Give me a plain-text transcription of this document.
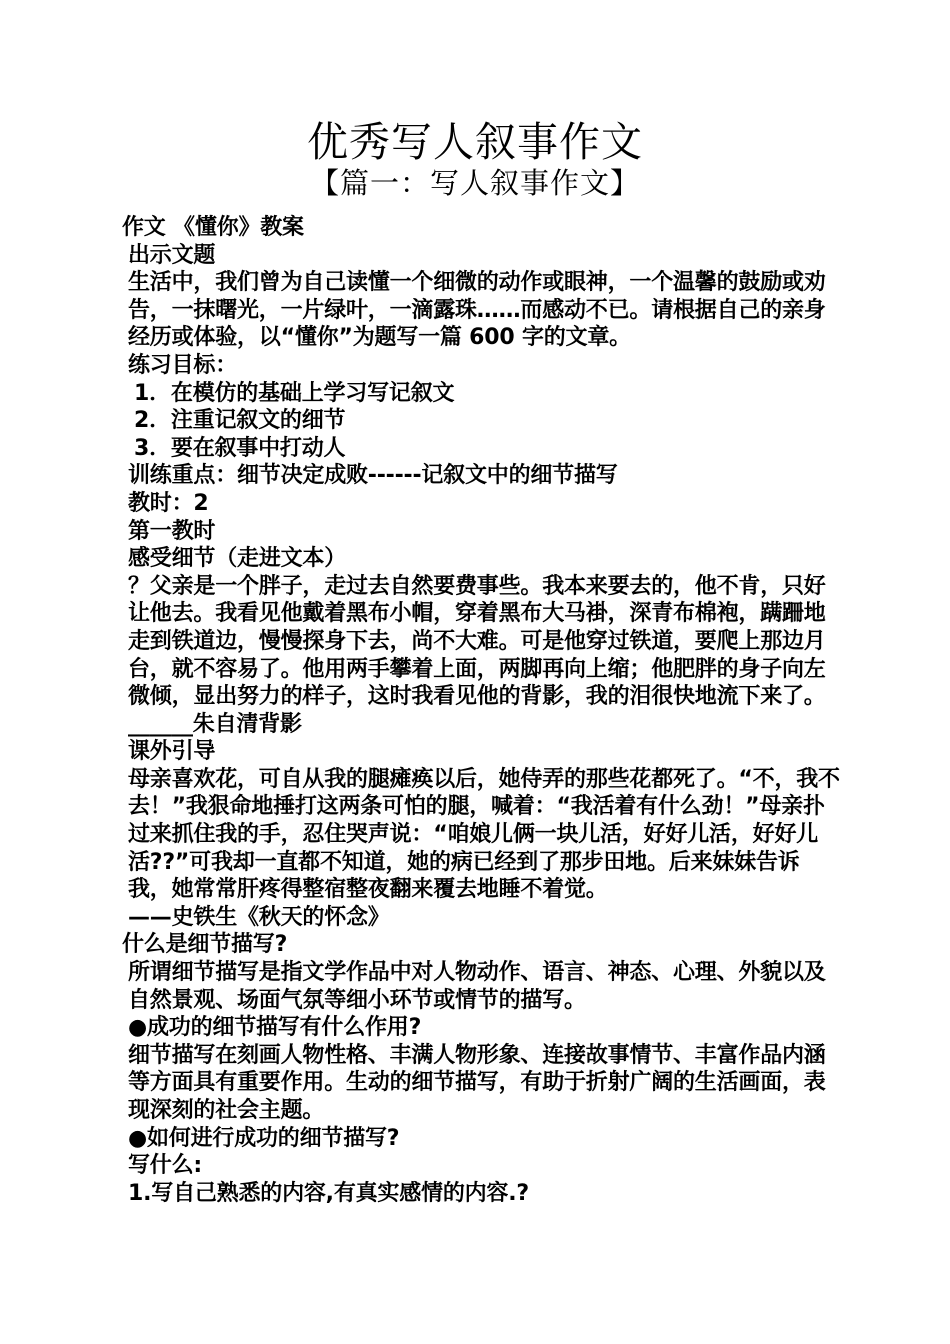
优秀写人叙事作文
【篇一：写人叙事作文】

作文 《懂你》教案

出示文题

生活中，我们曾为自己读懂一个细微的动作或眼神，一个温馨的鼓励或劝告，一抹曙光，一片绿叶，一滴露珠……而感动不已。请根据自己的亲身经历或体验，以“懂你”为题写一篇 600 字的文章。

练习目标：

1．在模仿的基础上学习写记叙文

2．注重记叙文的细节

3．要在叙事中打动人

训练重点：细节决定成败------记叙文中的细节描写

教时：2

第一教时

感受细节（走进文本）

？父亲是一个胖子，走过去自然要费事些。我本来要去的，他不肯，只好让他去。我看见他戴着黑布小帽，穿着黑布大马褂，深青布棉袍，蹒跚地走到铁道边，慢慢探身下去，尚不大难。可是他穿过铁道，要爬上那边月台，就不容易了。他用两手攀着上面，两脚再向上缩；他肥胖的身子向左微倾，显出努力的样子，这时我看见他的背影，我的泪很快地流下来了。______朱自清背影

课外引导

母亲喜欢花，可自从我的腿瘫痪以后，她侍弄的那些花都死了。“不，我不去！”我狠命地捶打这两条可怕的腿，喊着：“我活着有什么劲！”母亲扑过来抓住我的手，忍住哭声说：“咱娘儿俩一块儿活，好好儿活，好好儿活??”可我却一直都不知道，她的病已经到了那步田地。后来妹妹告诉我，她常常肝疼得整宿整夜翻来覆去地睡不着觉。

——史铁生《秋天的怀念》

什么是细节描写?

所谓细节描写是指文学作品中对人物动作、语言、神态、心理、外貌以及自然景观、场面气氛等细小环节或情节的描写。

●成功的细节描写有什么作用?

细节描写在刻画人物性格、丰满人物形象、连接故事情节、丰富作品内涵等方面具有重要作用。生动的细节描写，有助于折射广阔的生活画面，表现深刻的社会主题。

●如何进行成功的细节描写?

写什么:

1.写自己熟悉的内容,有真实感情的内容.?
